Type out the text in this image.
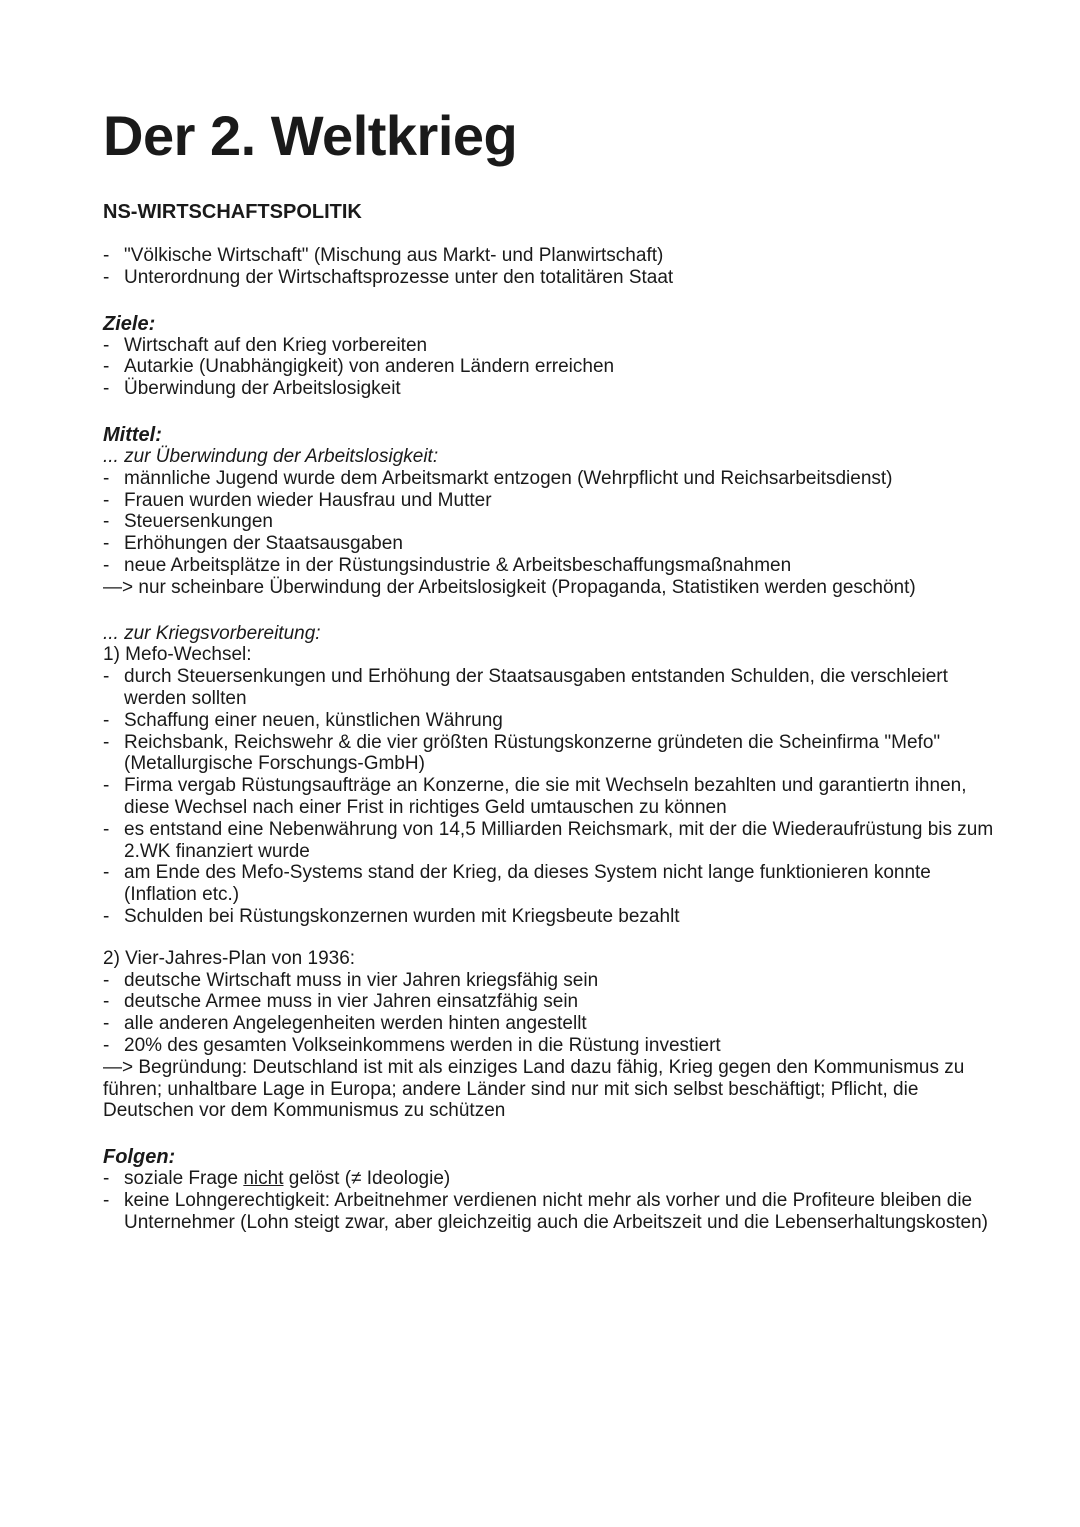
Der 2. Weltkrieg
NS-WIRTSCHAFTSPOLITIK
- "Völkische Wirtschaft" (Mischung aus Markt- und Planwirtschaft)
- Unterordnung der Wirtschaftsprozesse unter den totalitären Staat
Ziele:
- Wirtschaft auf den Krieg vorbereiten
- Autarkie (Unabhängigkeit) von anderen Ländern erreichen
- Überwindung der Arbeitslosigkeit
Mittel:
... zur Überwindung der Arbeitslosigkeit:
- männliche Jugend wurde dem Arbeitsmarkt entzogen (Wehrpflicht und Reichsarbeitsdienst)
- Frauen wurden wieder Hausfrau und Mutter
- Steuersenkungen
- Erhöhungen der Staatsausgaben
- neue Arbeitsplätze in der Rüstungsindustrie & Arbeitsbeschaffungsmaßnahmen
—> nur scheinbare Überwindung der Arbeitslosigkeit (Propaganda, Statistiken werden geschönt)
... zur Kriegsvorbereitung:
1) Mefo-Wechsel:
- durch Steuersenkungen und Erhöhung der Staatsausgaben entstanden Schulden, die verschleiert werden sollten
- Schaffung einer neuen, künstlichen Währung
- Reichsbank, Reichswehr & die vier größten Rüstungskonzerne gründeten die Scheinfirma "Mefo" (Metallurgische Forschungs-GmbH)
- Firma vergab Rüstungsaufträge an Konzerne, die sie mit Wechseln bezahlten und garantiertn ihnen, diese Wechsel nach einer Frist in richtiges Geld umtauschen zu können
- es entstand eine Nebenwährung von 14,5 Milliarden Reichsmark, mit der die Wiederaufrüstung bis zum 2.WK finanziert wurde
- am Ende des Mefo-Systems stand der Krieg, da dieses System nicht lange funktionieren konnte (Inflation etc.)
- Schulden bei Rüstungskonzernen wurden mit Kriegsbeute bezahlt
2) Vier-Jahres-Plan von 1936:
- deutsche Wirtschaft muss in vier Jahren kriegsfähig sein
- deutsche Armee muss in vier Jahren einsatzfähig sein
- alle anderen Angelegenheiten werden hinten angestellt
- 20% des gesamten Volkseinkommens werden in die Rüstung investiert
—> Begründung: Deutschland ist mit als einziges Land dazu fähig, Krieg gegen den Kommunismus zu führen; unhaltbare Lage in Europa; andere Länder sind nur mit sich selbst beschäftigt; Pflicht, die Deutschen vor dem Kommunismus zu schützen
Folgen:
- soziale Frage nicht gelöst (≠ Ideologie)
- keine Lohngerechtigkeit: Arbeitnehmer verdienen nicht mehr als vorher und die Profiteure bleiben die Unternehmer (Lohn steigt zwar, aber gleichzeitig auch die Arbeitszeit und die Lebenserhaltungskosten)
